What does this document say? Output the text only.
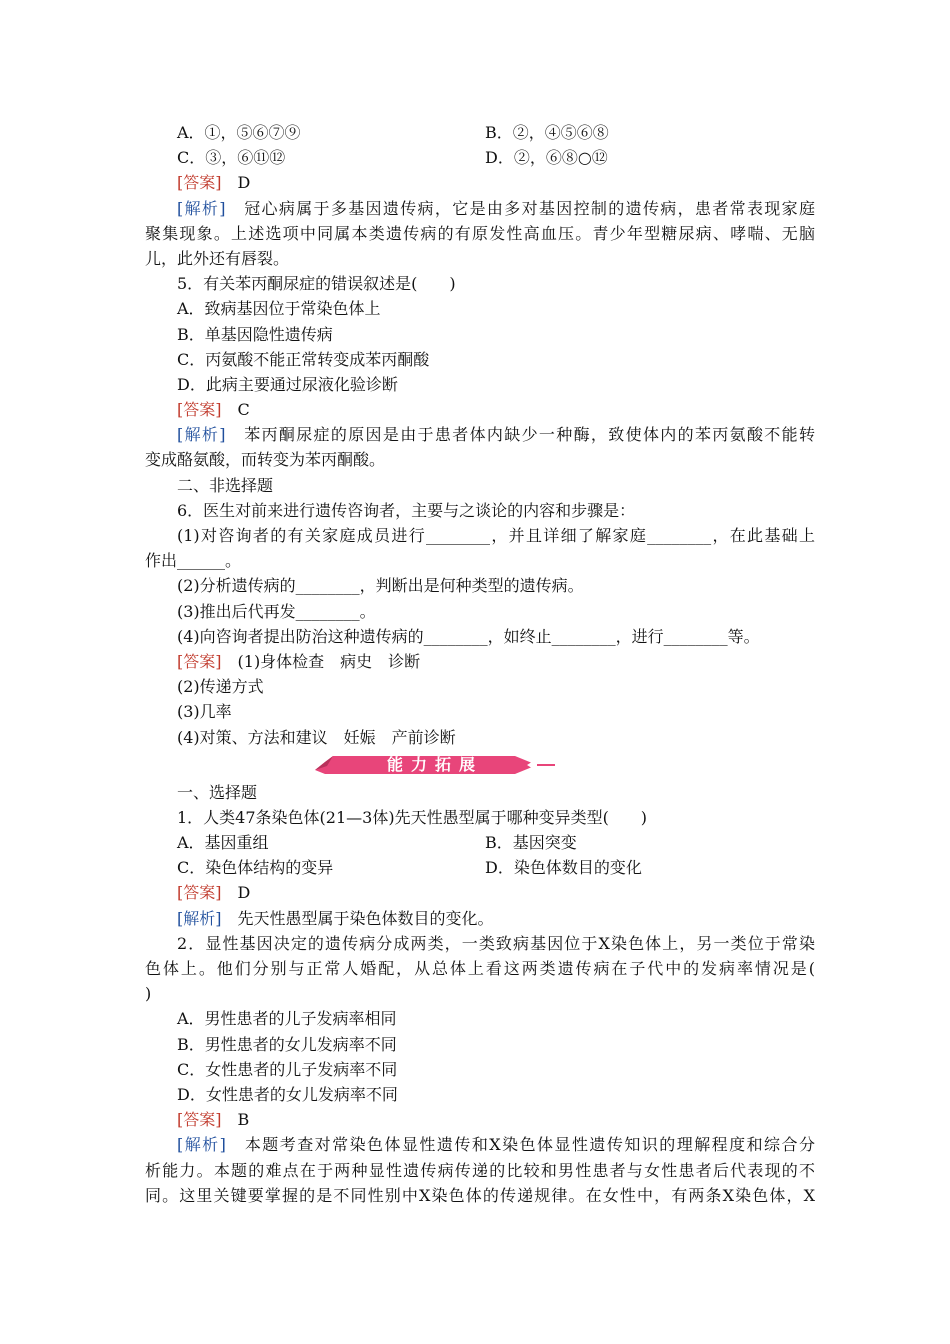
A．①，⑤⑥⑦⑨	B．②，④⑤⑥⑧
C．③，⑥⑪⑫	D．②，⑥⑧○⑫
[答案]　 D
[解析]　 冠心病属于多基因遗传病，它是由多对基因控制的遗传病，患者常表现家庭
聚集现象。上述选项中同属本类遗传病的有原发性高血压。青少年型糖尿病、哮喘、无脑
儿，此外还有唇裂。
5．有关苯丙酮尿症的错误叙述是(　　)
A．致病基因位于常染色体上
B．单基因隐性遗传病
C．丙氨酸不能正常转变成苯丙酮酸
D．此病主要通过尿液化验诊断
[答案]　 C
[解析]　 苯丙酮尿症的原因是由于患者体内缺少一种酶，致使体内的苯丙氨酸不能转
变成酪氨酸，而转变为苯丙酮酸。
二、非选择题
6．医生对前来进行遗传咨询者，主要与之谈论的内容和步骤是：
(1)对咨询者的有关家庭成员进行________，并且详细了解家庭________，在此基础上
作出______。
(2)分析遗传病的________，判断出是何种类型的遗传病。
(3)推出后代再发________。
(4)向咨询者提出防治这种遗传病的________，如终止________，进行________等。
[答案]　 (1)身体检查　病史　诊断
(2)传递方式
(3)几率
(4)对策、方法和建议　妊娠　产前诊断
能力拓展
一、选择题
1．人类47条染色体(21—3体)先天性愚型属于哪种变异类型(　　)
A．基因重组	B．基因突变
C．染色体结构的变异	D．染色体数目的变化
[答案]　 D
[解析]　 先天性愚型属于染色体数目的变化。
2．显性基因决定的遗传病分成两类，一类致病基因位于X染色体上，另一类位于常染
色体上。他们分别与正常人婚配，从总体上看这两类遗传病在子代中的发病率情况是(
)
A．男性患者的儿子发病率相同
B．男性患者的女儿发病率不同
C．女性患者的儿子发病率不同
D．女性患者的女儿发病率不同
[答案]　 B
[解析]　 本题考查对常染色体显性遗传和X染色体显性遗传知识的理解程度和综合分
析能力。本题的难点在于两种显性遗传病传递的比较和男性患者与女性患者后代表现的不
同。这里关键要掌握的是不同性别中X染色体的传递规律。在女性中，有两条X染色体，X
